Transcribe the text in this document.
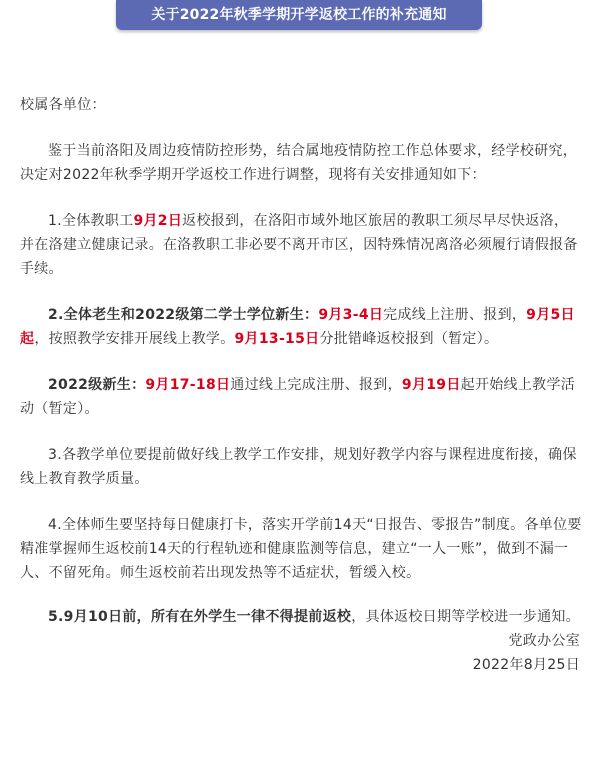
关于2022年秋季学期开学返校工作的补充通知

校属各单位：

鉴于当前洛阳及周边疫情防控形势，结合属地疫情防控工作总体要求，经学校研究，决定对2022年秋季学期开学返校工作进行调整，现将有关安排通知如下：

1.全体教职工9月2日返校报到，在洛阳市域外地区旅居的教职工须尽早尽快返洛，并在洛建立健康记录。在洛教职工非必要不离开市区，因特殊情况离洛必须履行请假报备手续。

2.全体老生和2022级第二学士学位新生：9月3-4日完成线上注册、报到，9月5日起，按照教学安排开展线上教学。9月13-15日分批错峰返校报到（暂定）。

2022级新生：9月17-18日通过线上完成注册、报到，9月19日起开始线上教学活动（暂定）。

3.各教学单位要提前做好线上教学工作安排，规划好教学内容与课程进度衔接，确保线上教育教学质量。

4.全体师生要坚持每日健康打卡，落实开学前14天“日报告、零报告”制度。各单位要精准掌握师生返校前14天的行程轨迹和健康监测等信息，建立“一人一账”，做到不漏一人、不留死角。师生返校前若出现发热等不适症状，暂缓入校。

5.9月10日前，所有在外学生一律不得提前返校，具体返校日期等学校进一步通知。

党政办公室

2022年8月25日
